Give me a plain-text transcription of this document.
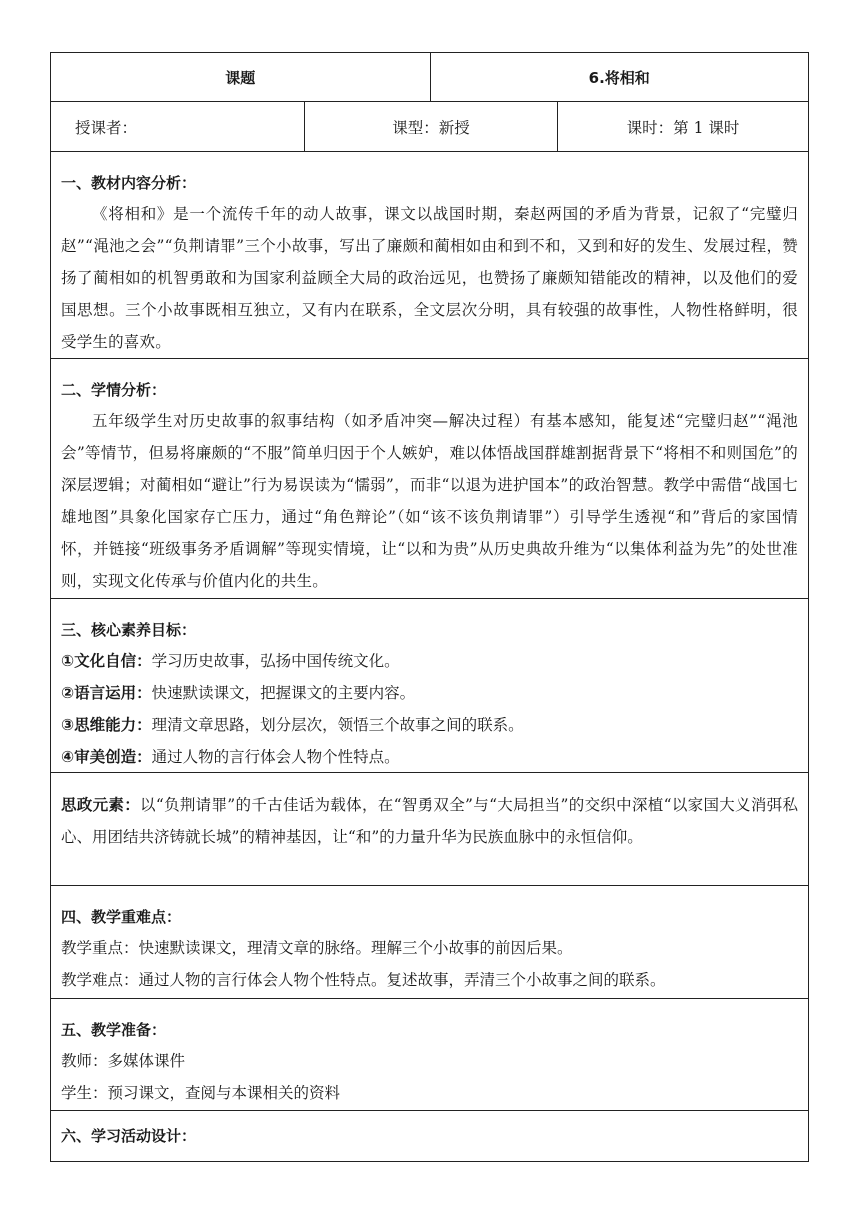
课题	6.将相和
授课者：	课型：新授	课时：第 1 课时
一、教材内容分析：
《将相和》是一个流传千年的动人故事，课文以战国时期，秦赵两国的矛盾为背景，记叙了“完璧归赵”“渑池之会”“负荆请罪”三个小故事，写出了廉颇和蔺相如由和到不和，又到和好的发生、发展过程，赞扬了蔺相如的机智勇敢和为国家利益顾全大局的政治远见，也赞扬了廉颇知错能改的精神，以及他们的爱国思想。三个小故事既相互独立，又有内在联系，全文层次分明，具有较强的故事性，人物性格鲜明，很受学生的喜欢。
二、学情分析：
五年级学生对历史故事的叙事结构（如矛盾冲突—解决过程）有基本感知，能复述“完璧归赵”“渑池会”等情节，但易将廉颇的“不服”简单归因于个人嫉妒，难以体悟战国群雄割据背景下“将相不和则国危”的深层逻辑；对蔺相如“避让”行为易误读为“懦弱”，而非“以退为进护国本”的政治智慧。教学中需借“战国七雄地图”具象化国家存亡压力，通过“角色辩论”（如“该不该负荆请罪”）引导学生透视“和”背后的家国情怀，并链接“班级事务矛盾调解”等现实情境，让“以和为贵”从历史典故升维为“以集体利益为先”的处世准则，实现文化传承与价值内化的共生。
三、核心素养目标：
①文化自信：学习历史故事，弘扬中国传统文化。
②语言运用：快速默读课文，把握课文的主要内容。
③思维能力：理清文章思路，划分层次，领悟三个故事之间的联系。
④审美创造：通过人物的言行体会人物个性特点。
思政元素：以“负荆请罪”的千古佳话为载体，在“智勇双全”与“大局担当”的交织中深植“以家国大义消弭私心、用团结共济铸就长城”的精神基因，让“和”的力量升华为民族血脉中的永恒信仰。
四、教学重难点：
教学重点：快速默读课文，理清文章的脉络。理解三个小故事的前因后果。
教学难点：通过人物的言行体会人物个性特点。复述故事，弄清三个小故事之间的联系。
五、教学准备：
教师：多媒体课件
学生：预习课文，查阅与本课相关的资料
六、学习活动设计：
